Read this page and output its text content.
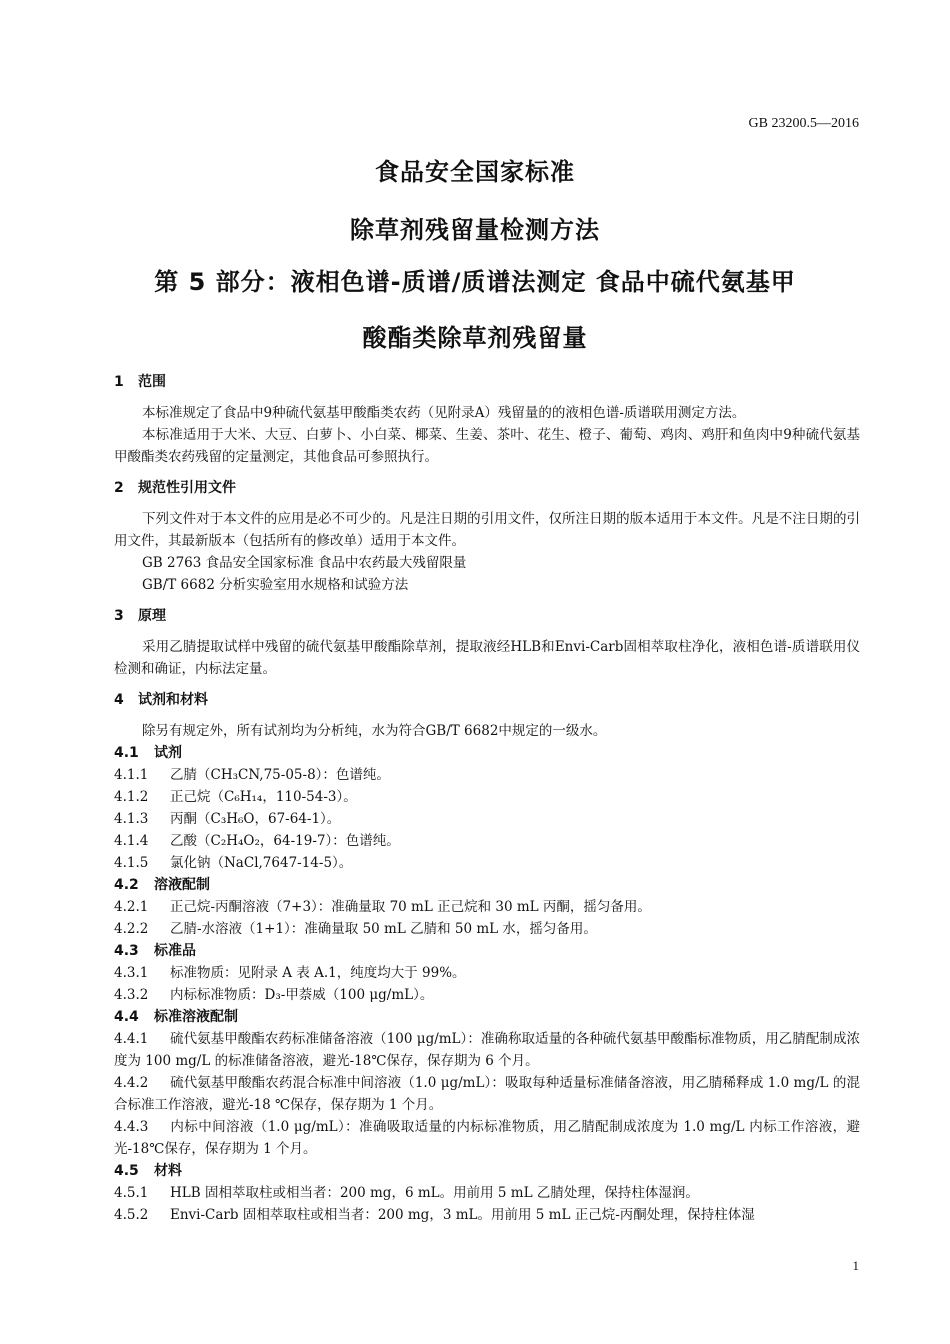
GB 23200.5—2016
食品安全国家标准
除草剂残留量检测方法
第 5 部分：液相色谱-质谱/质谱法测定 食品中硫代氨基甲
酸酯类除草剂残留量
1 范围

本标准规定了食品中9种硫代氨基甲酸酯类农药（见附录A）残留量的的液相色谱-质谱联用测定方法。

本标准适用于大米、大豆、白萝卜、小白菜、椰菜、生姜、茶叶、花生、橙子、葡萄、鸡肉、鸡肝和鱼肉中9种硫代氨基甲酸酯类农药残留的定量测定，其他食品可参照执行。

2 规范性引用文件

下列文件对于本文件的应用是必不可少的。凡是注日期的引用文件，仅所注日期的版本适用于本文件。凡是不注日期的引用文件，其最新版本（包括所有的修改单）适用于本文件。

GB 2763 食品安全国家标准 食品中农药最大残留限量

GB/T 6682 分析实验室用水规格和试验方法

3 原理

采用乙腈提取试样中残留的硫代氨基甲酸酯除草剂，提取液经HLB和Envi-Carb固相萃取柱净化，液相色谱-质谱联用仪检测和确证，内标法定量。

4 试剂和材料

除另有规定外，所有试剂均为分析纯，水为符合GB/T 6682中规定的一级水。

4.1 试剂

4.1.1 乙腈（CH₃CN,75-05-8）：色谱纯。

4.1.2 正己烷（C₆H₁₄，110-54-3）。

4.1.3 丙酮（C₃H₆O，67-64-1）。

4.1.4 乙酸（C₂H₄O₂，64-19-7）：色谱纯。

4.1.5 氯化钠（NaCl,7647-14-5）。

4.2 溶液配制

4.2.1 正己烷-丙酮溶液（7+3）：准确量取 70 mL 正己烷和 30 mL 丙酮，摇匀备用。

4.2.2 乙腈-水溶液（1+1）：准确量取 50 mL 乙腈和 50 mL 水，摇匀备用。

4.3 标准品

4.3.1 标准物质：见附录 A 表 A.1，纯度均大于 99%。

4.3.2 内标标准物质：D₃-甲萘威（100 μg/mL）。

4.4 标准溶液配制

4.4.1 硫代氨基甲酸酯农药标准储备溶液（100 μg/mL）：准确称取适量的各种硫代氨基甲酸酯标准物质，用乙腈配制成浓度为 100 mg/L 的标准储备溶液，避光-18℃保存，保存期为 6 个月。

4.4.2 硫代氨基甲酸酯农药混合标准中间溶液（1.0 μg/mL）：吸取每种适量标准储备溶液，用乙腈稀释成 1.0 mg/L 的混合标准工作溶液，避光-18 ℃保存，保存期为 1 个月。

4.4.3 内标中间溶液（1.0 μg/mL）：准确吸取适量的内标标准物质，用乙腈配制成浓度为 1.0 mg/L 内标工作溶液，避光-18℃保存，保存期为 1 个月。

4.5 材料

4.5.1 HLB 固相萃取柱或相当者：200 mg，6 mL。用前用 5 mL 乙腈处理，保持柱体湿润。

4.5.2 Envi-Carb 固相萃取柱或相当者：200 mg，3 mL。用前用 5 mL 正己烷-丙酮处理，保持柱体湿

1
